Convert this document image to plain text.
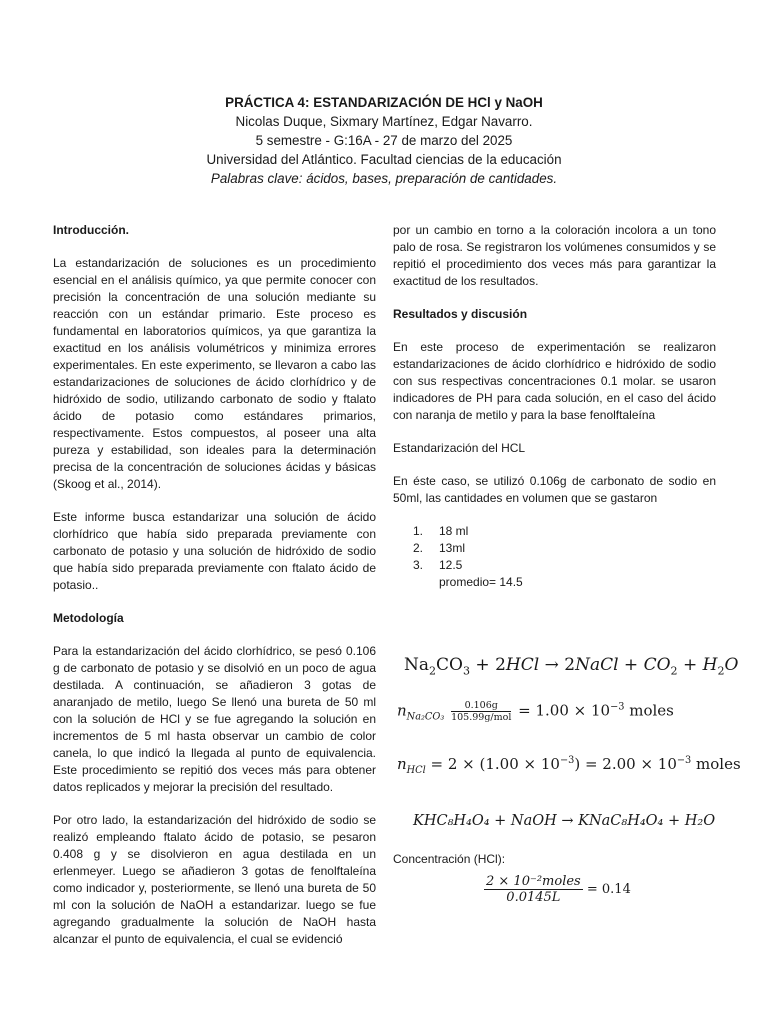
PRÁCTICA 4: ESTANDARIZACIÓN DE HCl y NaOH
Nicolas Duque, Sixmary Martínez, Edgar Navarro.
5 semestre - G:16A - 27 de marzo del 2025
Universidad del Atlántico. Facultad ciencias de la educación
Palabras clave: ácidos, bases, preparación de cantidades.
Introducción.

La estandarización de soluciones es un procedimiento esencial en el análisis químico, ya que permite conocer con precisión la concentración de una solución mediante su reacción con un estándar primario. Este proceso es fundamental en laboratorios químicos, ya que garantiza la exactitud en los análisis volumétricos y minimiza errores experimentales. En este experimento, se llevaron a cabo las estandarizaciones de soluciones de ácido clorhídrico y de hidróxido de sodio, utilizando carbonato de sodio y ftalato ácido de potasio como estándares primarios, respectivamente. Estos compuestos, al poseer una alta pureza y estabilidad, son ideales para la determinación precisa de la concentración de soluciones ácidas y básicas (Skoog et al., 2014).

Este informe busca estandarizar una solución de ácido clorhídrico que había sido preparada previamente con carbonato de potasio y una solución de hidróxido de sodio que había sido preparada previamente con ftalato ácido de potasio..

Metodología

Para la estandarización del ácido clorhídrico, se pesó 0.106 g de carbonato de potasio y se disolvió en un poco de agua destilada. A continuación, se añadieron 3 gotas de anaranjado de metilo, luego Se llenó una bureta de 50 ml con la solución de HCl y se fue agregando la solución en incrementos de 5 ml hasta observar un cambio de color canela, lo que indicó la llegada al punto de equivalencia. Este procedimiento se repitió dos veces más para obtener datos replicados y mejorar la precisión del resultado.

Por otro lado, la estandarización del hidróxido de sodio se realizó empleando ftalato ácido de potasio, se pesaron 0.408 g y se disolvieron en agua destilada en un erlenmeyer. Luego se añadieron 3 gotas de fenolftaleína como indicador y, posteriormente, se llenó una bureta de 50 ml con la solución de NaOH a estandarizar. luego se fue agregando gradualmente la solución de NaOH hasta alcanzar el punto de equivalencia, el cual se evidenció

por un cambio en torno a la coloración incolora a un tono palo de rosa. Se registraron los volúmenes consumidos y se repitió el procedimiento dos veces más para garantizar la exactitud de los resultados.

Resultados y discusión

En este proceso de experimentación se realizaron estandarizaciones de ácido clorhídrico e hidróxido de sodio con sus respectivas concentraciones 0.1 molar. se usaron indicadores de PH para cada solución, en el caso del ácido con naranja de metilo y para la base fenolftaleína

Estandarización del HCL

En éste caso, se utilizó 0.106g de carbonato de sodio en 50ml, las cantidades en volumen que se gastaron

1. 18 ml
2. 13ml
3. 12.5
promedio= 14.5
$Na_2CO_3 + 2HCl$ → 2NaCl + $CO_2 + H_2O$
$n_{Na_2CO_3} \frac{0.106g}{\text{105.99g/mol}} = 1.00 \times 10^{-3}$ moles
$n_{HCl} = 2 \times (1.00 \times 10^{-3}) = 2.00 \times 10^{-3}$ moles
KHC₈H₄O₄ + NaOH → KNaC₈H₄O₄ + H₂O
Concentración (HCl):
$\frac{\text{2 × 10⁻²moles}}{0.0145L} = 0.14$
